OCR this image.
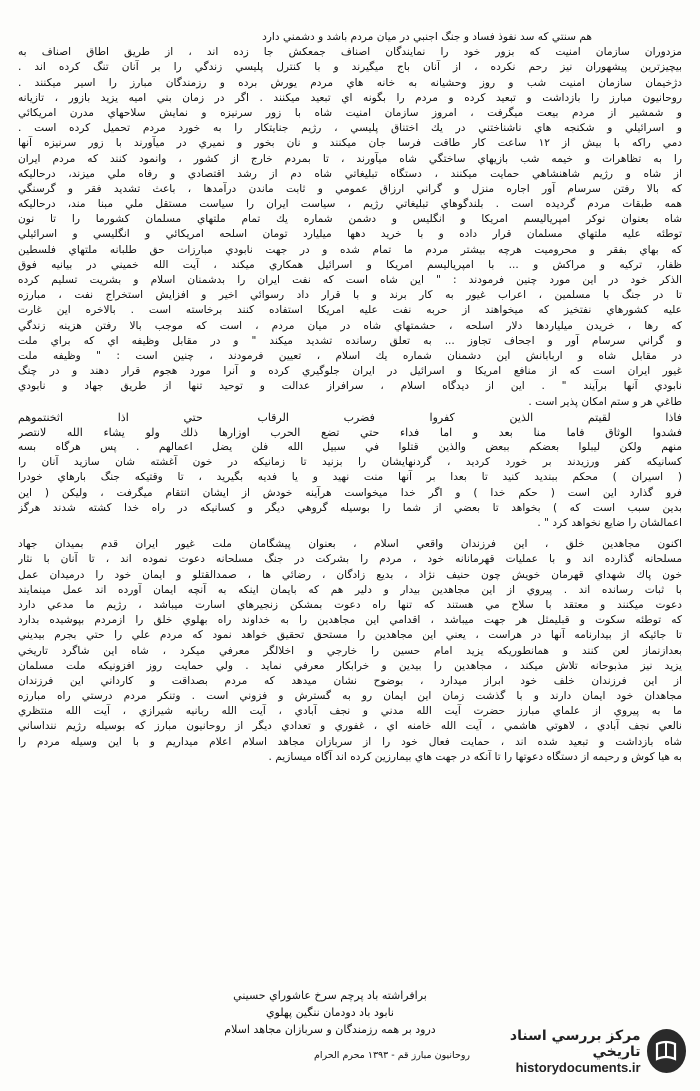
هم سنتي كه سد نفوذ فساد و جنگ اجنبي در ميان مردم باشد و دشمني دارد
مزدوران سازمان امنيت كه بزور خود را نمايندگان اصناف جمعكش جا زده اند ، از طريق اطاق اصناف به
بيچيزترين پيشهوران نيز رحم نكرده ، از آنان باج ميگيرند و با كنترل پليسي زندگي را بر آنان تنگ كرده اند .
دژخيمان سازمان امنيت شب و روز وحشيانه به خانه هاي مردم يورش برده و رزمندگان مبارز را اسير ميكنند .
روحانيون مبارز را بازداشت و تبعيد كرده و مردم را بگونه اي تبعيد ميكنند . اگر در زمان بني اميه يزيد بازور ، تازيانه
و شمشير از مردم بيعت ميگرفت ، امروز سازمان امنيت شاه با زور سرنيزه و نمايش سلاحهاي مدرن امريكائي
و اسرائيلي و شكنجه هاي ناشناختني در يك اختناق پليسي ، رژيم جنايتكار را به خورد مردم تحميل كرده است .
دمي راكه با بيش از ۱۲ ساعت كار طاقت فرسا جان ميكنند و نان بخور و نميري در ميآورند با زور سرنيزه آنها
را به تظاهرات و خيمه شب بازيهاي ساختگي شاه ميآورند ، تا بمردم خارج از كشور ، وانمود كنند كه مردم ايران
از شاه و رژيم شاهنشاهي حمايت ميكنند ، دستگاه تبليغاتي شاه دم از رشد اقتصادي و رفاه ملي ميزند، درحاليكه
كه بالا رفتن سرسام آور اجاره منزل و گراني ارزاق عمومي و ثابت ماندن درآمدها ، باعث تشديد فقر و گرسنگي
همه طبقات مردم گرديده است . بلندگوهاي تبليغاتي رژيم ، سياست ايران را سياست مستقل ملي مبنا مند، درحاليكه
شاه بعنوان نوكر امپرياليسم امريكا و انگليس و دشمن شماره يك تمام ملتهاي مسلمان كشورما را تا نون
توطئه عليه ملتهاي مسلمان قرار داده و با خريد دهها ميليارد تومان اسلحه امريكائي و انگليسي و اسرائيلي
كه بهاي بفقر و محروميت هرچه بيشتر مردم ما تمام شده و در جهت نابودي مبارزات حق طلبانه ملتهاي فلسطين
ظفار، تركيه و مراكش و ... با امپرياليسم امريكا و اسرائيل همكاري ميكند ، آيت الله خميني در بيانيه فوق
الذكر خود در اين مورد چنين فرمودند : " اين شاه است كه نفت ايران را بدشمنان اسلام و بشريت تسليم كرده
تا در جنگ با مسلمين ، اعراب غيور به كار برند و با قرار داد رسوائي اخير و افزايش استخراج نفت ، مبارزه
عليه كشورهاي نفتخيز كه ميخواهند از حربه نفت عليه امريكا استفاده كنند برخاسته است . بالاخره اين غارت
كه رها ، خريدن ميلياردها دلار اسلحه ، حشمتهاي شاه در ميان مردم ، است كه موجب بالا رفتن هزينه زندگي
و گراني سرسام آور و اجحاف تجاوز ... به تعلق رسانده تشديد ميكند " و در مقابل وظيفه اي كه براي ملت
در مقابل شاه و اربابانش اين دشمنان شماره يك اسلام ، تعيين فرمودند ، چنين است : " وظيفه ملت
غيور ايران است كه از منافع امريكا و اسرائيل در ايران جلوگيري كرده و آنرا مورد هجوم قرار دهند و در چنگ
نابودي آنها برآيند " . اين از ديدگاه اسلام ، سرافراز عدالت و توحيد تنها از طريق جهاد و نابودي
طاغي هر و ستم امكان پذير است .
فاذا لقيتم الذين كفروا فضرب الرقاب حتي اذا اثخنتموهم
فشدوا الوثاق فاما منا بعد و اما فداء حتي تضع الحرب اوزارها ذلك ولو يشاء الله لانتصر
منهم ولكن ليبلوا بعضكم ببعض والذين قتلوا في سبيل الله فلن يضل اعمالهم . پس هرگاه بسه
كسانيكه كفر ورزيدند بر خورد كرديد ، گردنهايشان را بزنيد تا زمانيكه در خون آغشته شان سازيد آنان را
( اسيران ) محكم ببنديد كنيد تا بعدا بر آنها منت نهيد و يا فديه بگيريد ، تا وقتيكه جنگ بارهاي خودرا
فرو گذارد اين است ( حكم خدا ) و اگر خدا ميخواست هرآينه خودش از ايشان انتقام ميگرفت ، وليكن ( اين
بدين سبب است كه ) بخواهد تا بعضي از شما را بوسيله گروهي ديگر و كسانيكه در راه خدا كشته شدند هرگز
اعمالشان را ضايع نخواهد كرد " .
اكنون مجاهدين خلق ، اين فرزندان واقعي اسلام ، بعنوان پيشگامان ملت غيور ايران قدم بميدان جهاد
مسلحانه گذارده اند و با عمليات قهرمانانه خود ، مردم را بشركت در جنگ مسلحانه دعوت نموده اند ، تا آنان با نثار
خون پاك شهداي قهرمان خويش چون حنيف نژاد ، بديع زادگان ، رضائي ها ، صمدالقتلو و ايمان خود را درميدان عمل
با ثبات رسانده اند . پيروي از اين مجاهدين بيدار و دلير هم كه بايمان اينكه به آنچه ايمان آورده اند عمل مينمايند
دعوت ميكنند و معتقد با سلاح مي هستند كه تنها راه دعوت بمشكن زنجيرهاي اسارت ميباشد ، رژيم ما مدعي دارد
كه توطئه سكوت و قبليمثل هر جهت ميباشد ، اقدامي اين مجاهدين را به خداوند راه بهلوي خلق را ازمردم بپوشيده بدارد
تا جائيكه از بيدارنامه آنها در هراست ، يعني اين مجاهدين را مستحق تحقيق خواهد نمود كه مردم علي را حتي بجرم بيديني
بعدازنماز لعن كنند و همانطوريكه يزيد امام حسين را خارجي و اخلالگر معرفي ميكرد ، شاه اين شاگرد تاريخي
يزيد نيز مذبوحانه تلاش ميكند ، مجاهدين را بيدين و خرابكار معرفي نمايد . ولي حمايت روز افزونيكه ملت مسلمان
از اين فرزندان خلف خود ابراز ميدارد ، بوضوح نشان ميدهد كه مردم بصداقت و كارداني اين فرزندان
مجاهدان خود ايمان دارند و با گذشت زمان اين ايمان رو به گسترش و فزوني است . وتنكر مردم درستي راه مبارزه
ما به پيروي از علماي مبارز حضرت آيت الله مدني و نجف آبادي ، آيت الله ربانيه شيرازي ، آيت الله منتظري
نالعي نجف آبادي ، لاهوتي هاشمي ، آيت الله خامنه اي ، غفوري و تعدادي ديگر از روحانيون مبارز كه بوسيله رژيم ننداساني
شاه بازداشت و تبعيد شده اند ، حمايت فعال خود را از سربازان مجاهد اسلام اعلام ميداريم و با اين وسيله مردم را
به هيا كوش و رحيمه از دستگاه دعوتها را تا آنكه در جهت هاي بيمارزين كرده اند آگاه ميسازيم .
برافراشته باد پرچم سرخ عاشوراي حسيني
نابود باد دودمان ننگين پهلوي
درود بر همه رزمندگان و سربازان مجاهد اسلام
روحانيون مبارز قم - ۱۳۹۳ محرم الحرام
مركز بررسي اسناد تاريخي
historydocuments.ir
